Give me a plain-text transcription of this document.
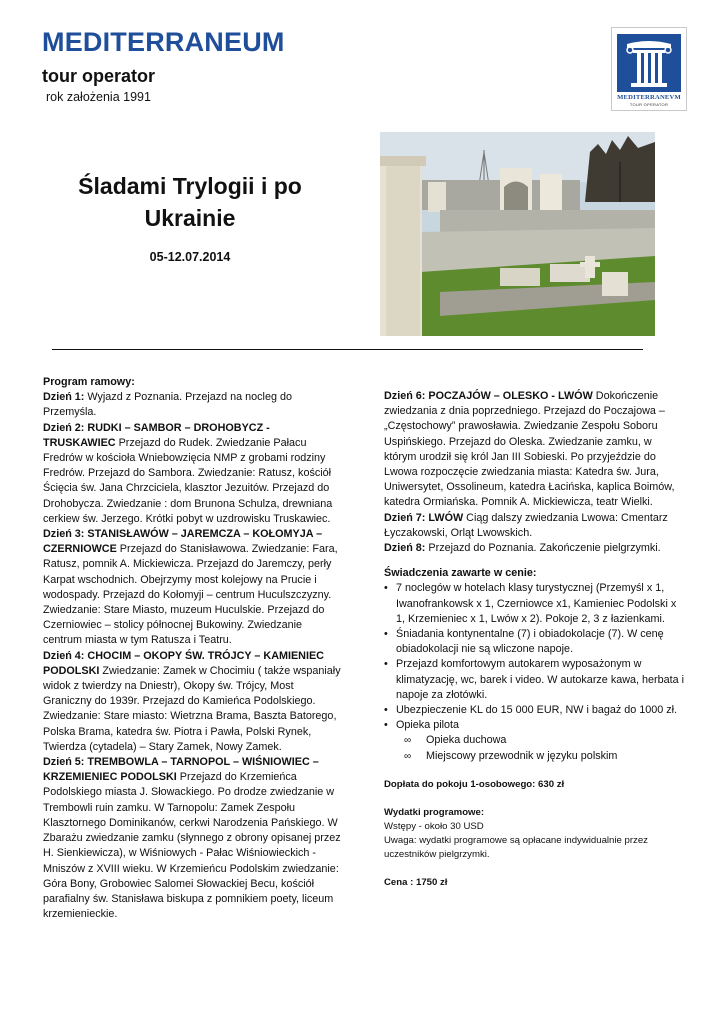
MEDITERRANEUM
tour operator
rok założenia 1991	MEDITERRANEVM
TOUR OPERATOR
Śladami Trylogii i po
Ukrainie
05-12.07.2014

Program ramowy:

Dzień 1: Wyjazd z Poznania. Przejazd na nocleg do Przemyśla.

Dzień 2: RUDKI – SAMBOR – DROHOBYCZ - TRUSKAWIEC Przejazd do Rudek. Zwiedzanie Pałacu Fredrów w kościoła Wniebowzięcia NMP z grobami rodziny Fredrów. Przejazd do Sambora. Zwiedzanie: Ratusz, kościół Ścięcia św. Jana Chrzciciela, klasztor Jezuitów. Przejazd do Drohobycza. Zwiedzanie : dom Brunona Schulza, drewniana cerkiew św. Jerzego. Krótki pobyt w uzdrowisku Truskawiec.

Dzień 3: STANISŁAWÓW – JAREMCZA – KOŁOMYJA – CZERNIOWCE Przejazd do Stanisławowa. Zwiedzanie: Fara, Ratusz, pomnik A. Mickiewicza. Przejazd do Jaremczy, perły Karpat wschodnich. Obejrzymy most kolejowy na Prucie i wodospady. Przejazd do Kołomyji – centrum Huculszczyzny. Zwiedzanie: Stare Miasto, muzeum Huculskie. Przejazd do Czerniowiec – stolicy północnej Bukowiny. Zwiedzanie centrum miasta w tym Ratusza i Teatru.

Dzień 4: CHOCIM – OKOPY ŚW. TRÓJCY – KAMIENIEC PODOLSKI Zwiedzanie: Zamek w Chocimiu ( także wspaniały widok z twierdzy na Dniestr), Okopy św. Trójcy, Most Graniczny do 1939r. Przejazd do Kamieńca Podolskiego. Zwiedzanie: Stare miasto: Wietrzna Brama, Baszta Batorego, Polska Brama, katedra św. Piotra i Pawła, Polski Rynek, Twierdza (cytadela) – Stary Zamek, Nowy Zamek.

Dzień 5: TREMBOWLA – TARNOPOL – WIŚNIOWIEC – KRZEMIENIEC PODOLSKI Przejazd do Krzemieńca Podolskiego miasta J. Słowackiego. Po drodze zwiedzanie w Trembowli ruin zamku. W Tarnopolu: Zamek Zespołu Klasztornego Dominikanów, cerkwi Narodzenia Pańskiego. W Zbarażu zwiedzanie zamku (słynnego z obrony opisanej przez H. Sienkiewicza), w Wiśniowych - Pałac Wiśniowieckich - Mniszów z XVIII wieku. W Krzemieńcu Podolskim zwiedzanie: Góra Bony, Grobowiec Salomei Słowackiej Becu, kościół parafialny św. Stanisława biskupa z pomnikiem poety, liceum krzemienieckie.

Dzień 6: POCZAJÓW – OLESKO - LWÓW Dokończenie zwiedzania z dnia poprzedniego. Przejazd do Poczajowa – „Częstochowy” prawosławia. Zwiedzanie Zespołu Soboru Uspińskiego. Przejazd do Oleska. Zwiedzanie zamku, w którym urodził się król Jan III Sobieski. Po przyjeździe do Lwowa rozpoczęcie zwiedzania miasta: Katedra św. Jura, Uniwersytet, Ossolineum, katedra Łacińska, kaplica Boimów, katedra Ormiańska. Pomnik A. Mickiewicza, teatr Wielki.

Dzień 7: LWÓW Ciąg dalszy zwiedzania Lwowa: Cmentarz Łyczakowski, Orląt Lwowskich.

Dzień 8: Przejazd do Poznania. Zakończenie pielgrzymki.

Świadczenia zawarte w cenie:

• 7 noclegów w hotelach klasy turystycznej (Przemyśl x 1, Iwanofrankowsk x 1, Czerniowce x1, Kamieniec Podolski x 1, Krzemieniec x 1, Lwów x 2). Pokoje 2, 3 z łazienkami.
• Śniadania kontynentalne (7) i obiadokolacje (7). W cenę obiadokolacji nie są wliczone napoje.
• Przejazd komfortowym autokarem wyposażonym w klimatyzację, wc, barek i video. W autokarze kawa, herbata i napoje za złotówki.
• Ubezpieczenie KL do 15 000 EUR, NW i bagaż do 1000 zł.
• Opieka pilota
∞	Opieka duchowa
∞	Miejscowy przewodnik w języku polskim

Dopłata do pokoju 1-osobowego: 630 zł

Wydatki programowe:

Wstępy - około 30 USD

Uwaga: wydatki programowe są opłacane indywidualnie przez uczestników pielgrzymki.

Cena : 1750 zł
